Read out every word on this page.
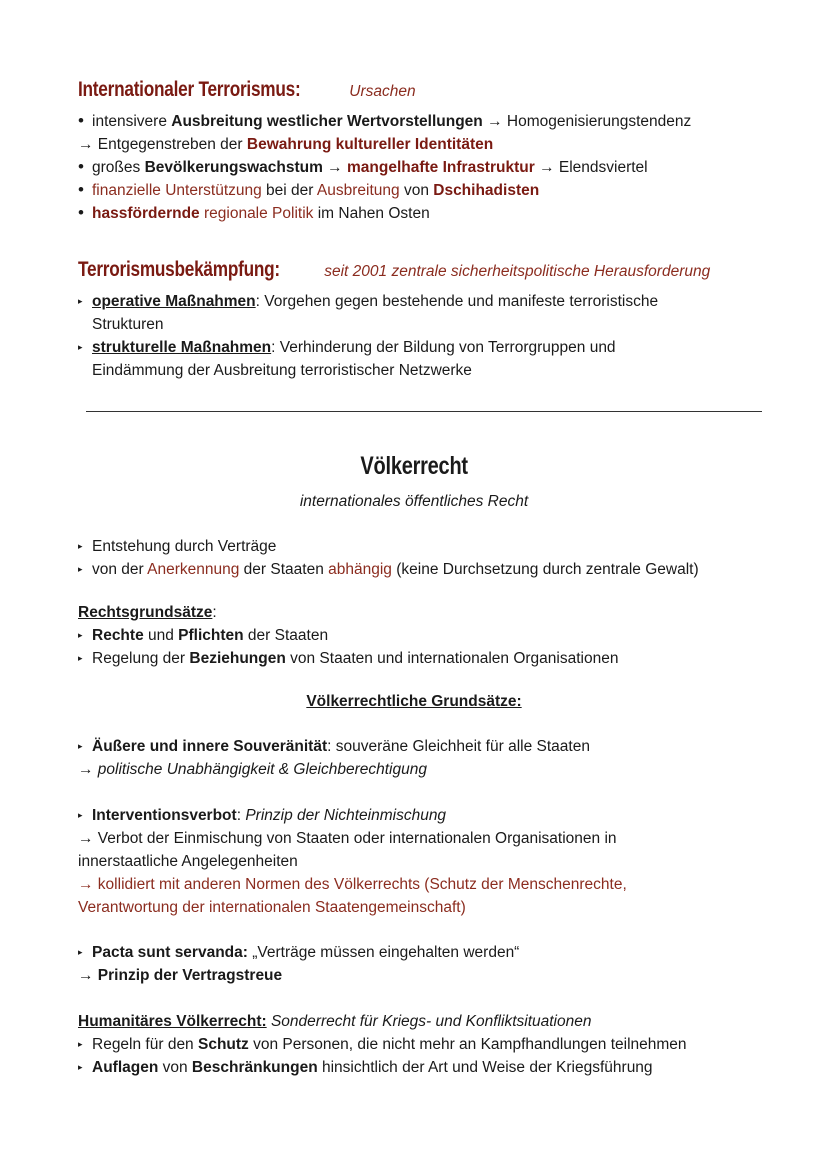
Internationaler Terrorismus:	Ursachen
• intensivere Ausbreitung westlicher Wertvorstellungen → Homogenisierungstendenz
→ Entgegenstreben der Bewahrung kultureller Identitäten
• großes Bevölkerungswachstum → mangelhafte Infrastruktur → Elendsviertel
• finanzielle Unterstützung bei der Ausbreitung von Dschihadisten
• hassfördernde regionale Politik im Nahen Osten
Terrorismusbekämpfung:	seit 2001 zentrale sicherheitspolitische Herausforderung
▸ operative Maßnahmen: Vorgehen gegen bestehende und manifeste terroristische
Strukturen
▸ strukturelle Maßnahmen: Verhinderung der Bildung von Terrorgruppen und
Eindämmung der Ausbreitung terroristischer Netzwerke
Völkerrecht
internationales öffentliches Recht
▸ Entstehung durch Verträge
▸ von der Anerkennung der Staaten abhängig (keine Durchsetzung durch zentrale Gewalt)
Rechtsgrundsätze:
▸ Rechte und Pflichten der Staaten
▸ Regelung der Beziehungen von Staaten und internationalen Organisationen
Völkerrechtliche Grundsätze:
▸ Äußere und innere Souveränität: souveräne Gleichheit für alle Staaten
→ politische Unabhängigkeit & Gleichberechtigung
▸ Interventionsverbot: Prinzip der Nichteinmischung
→ Verbot der Einmischung von Staaten oder internationalen Organisationen in
innerstaatliche Angelegenheiten
→ kollidiert mit anderen Normen des Völkerrechts (Schutz der Menschenrechte,
Verantwortung der internationalen Staatengemeinschaft)
▸ Pacta sunt servanda: „Verträge müssen eingehalten werden“
→ Prinzip der Vertragstreue
Humanitäres Völkerrecht: Sonderrecht für Kriegs- und Konfliktsituationen
▸ Regeln für den Schutz von Personen, die nicht mehr an Kampfhandlungen teilnehmen
▸ Auflagen von Beschränkungen hinsichtlich der Art und Weise der Kriegsführung
